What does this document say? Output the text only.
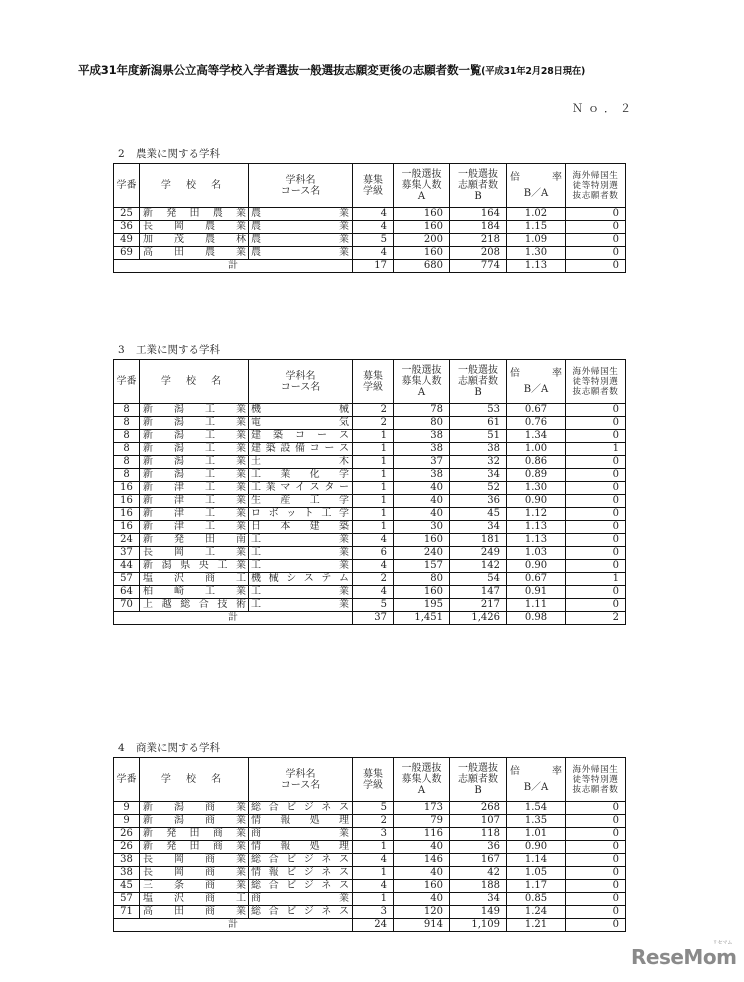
平成31年度新潟県公立高等学校入学者選抜一般選抜志願変更後の志願者数一覧(平成31年2月28日現在)
Ｎｏ．２
2 農業に関する学科
学番	学 校 名	学科名
コース名

募集
学級

一般選抜
募集人数
A

一般選抜
志願者数
B

倍	率
B／A

海外帰国生
徒等特別選
抜志願者数

25	新 発 田 農 業	農 業	4	160	164	1.02	0
36	長 岡 農 業	農 業	4	160	184	1.15	0
49	加 茂 農 林	農 業	5	200	218	1.09	0
69	高 田 農 業	農 業	4	160	208	1.30	0
計			17	680	774	1.13	0
3 工業に関する学科
学番	学 校 名	学科名
コース名

募集
学級

一般選抜
募集人数
A

一般選抜
志願者数
B

倍	率
B／A

海外帰国生
徒等特別選
抜志願者数

8	新 潟 工 業	機 械	2	78	53	0.67	0
8	新 潟 工 業	電 気	2	80	61	0.76	0
8	新 潟 工 業	建 築 コ ー ス	1	38	51	1.34	0
8	新 潟 工 業	建 築 設 備 コ ー ス	1	38	38	1.00	1
8	新 潟 工 業	土 木	1	37	32	0.86	0
8	新 潟 工 業	工 業 化 学	1	38	34	0.89	0
16	新 津 工 業	工 業 マ イ ス タ ー	1	40	52	1.30	0
16	新 津 工 業	生 産 工 学	1	40	36	0.90	0
16	新 津 工 業	ロ ボ ッ ト 工 学	1	40	45	1.12	0
16	新 津 工 業	日 本 建 築	1	30	34	1.13	0
24	新 発 田 南	工 業	4	160	181	1.13	0
37	長 岡 工 業	工 業	6	240	249	1.03	0
44	新 潟 県 央 工 業	工 業	4	157	142	0.90	0
57	塩 沢 商 工	機 械 シ ス テ ム	2	80	54	0.67	1
64	柏 崎 工 業	工 業	4	160	147	0.91	0
70	上 越 総 合 技 術	工 業	5	195	217	1.11	0
計			37	1,451	1,426	0.98	2
4 商業に関する学科
学番	学 校 名	学科名
コース名

募集
学級

一般選抜
募集人数
A

一般選抜
志願者数
B

倍	率
B／A

海外帰国生
徒等特別選
抜志願者数

9	新 潟 商 業	総 合 ビ ジ ネ ス	5	173	268	1.54	0
9	新 潟 商 業	情 報 処 理	2	79	107	1.35	0
26	新 発 田 商 業	商 業	3	116	118	1.01	0
26	新 発 田 商 業	情 報 処 理	1	40	36	0.90	0
38	長 岡 商 業	総 合 ビ ジ ネ ス	4	146	167	1.14	0
38	長 岡 商 業	情 報 ビ ジ ネ ス	1	40	42	1.05	0
45	三 条 商 業	総 合 ビ ジ ネ ス	4	160	188	1.17	0
57	塩 沢 商 工	商 業	1	40	34	0.85	0
71	高 田 商 業	総 合 ビ ジ ネ ス	3	120	149	1.24	0
計			24	914	1,109	1.21	0
ReseMom
リセマム
